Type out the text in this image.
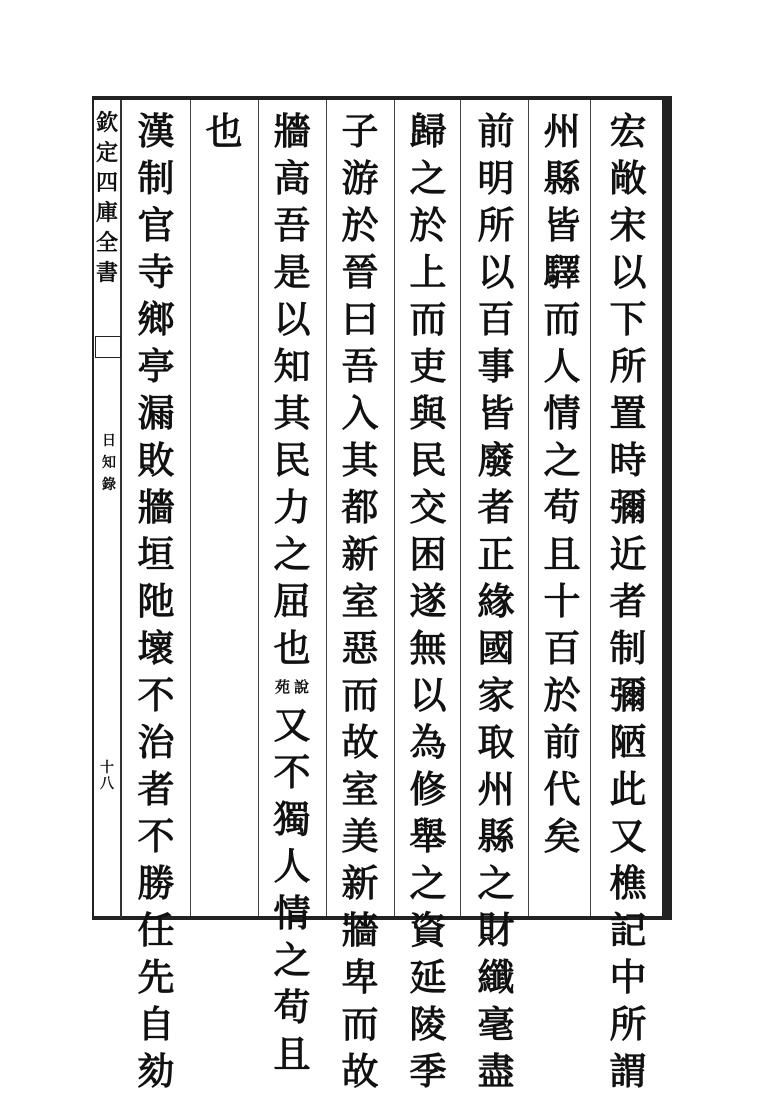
欽
定
四
庫
全
書
日
知
錄
十
八
宏
敞
宋
以
下
所
置
時
彌
近
者
制
彌
陋
此
又
樵
記
中
所
謂
州
縣
皆
驛
而
人
情
之
苟
且
十
百
於
前
代
矣
前
明
所
以
百
事
皆
廢
者
正
緣
國
家
取
州
縣
之
財
纖
毫
盡
歸
之
於
上
而
吏
與
民
交
困
遂
無
以
為
修
舉
之
資
延
陵
季
子
游
於
晉
曰
吾
入
其
都
新
室
惡
而
故
室
美
新
牆
卑
而
故
牆
高
吾
是
以
知
其
民
力
之
屈
也
苑 說
又
不
獨
人
情
之
苟
且
也
漢
制
官
寺
鄉
亭
漏
敗
牆
垣
阤
壞
不
治
者
不
勝
任
先
自
劾
